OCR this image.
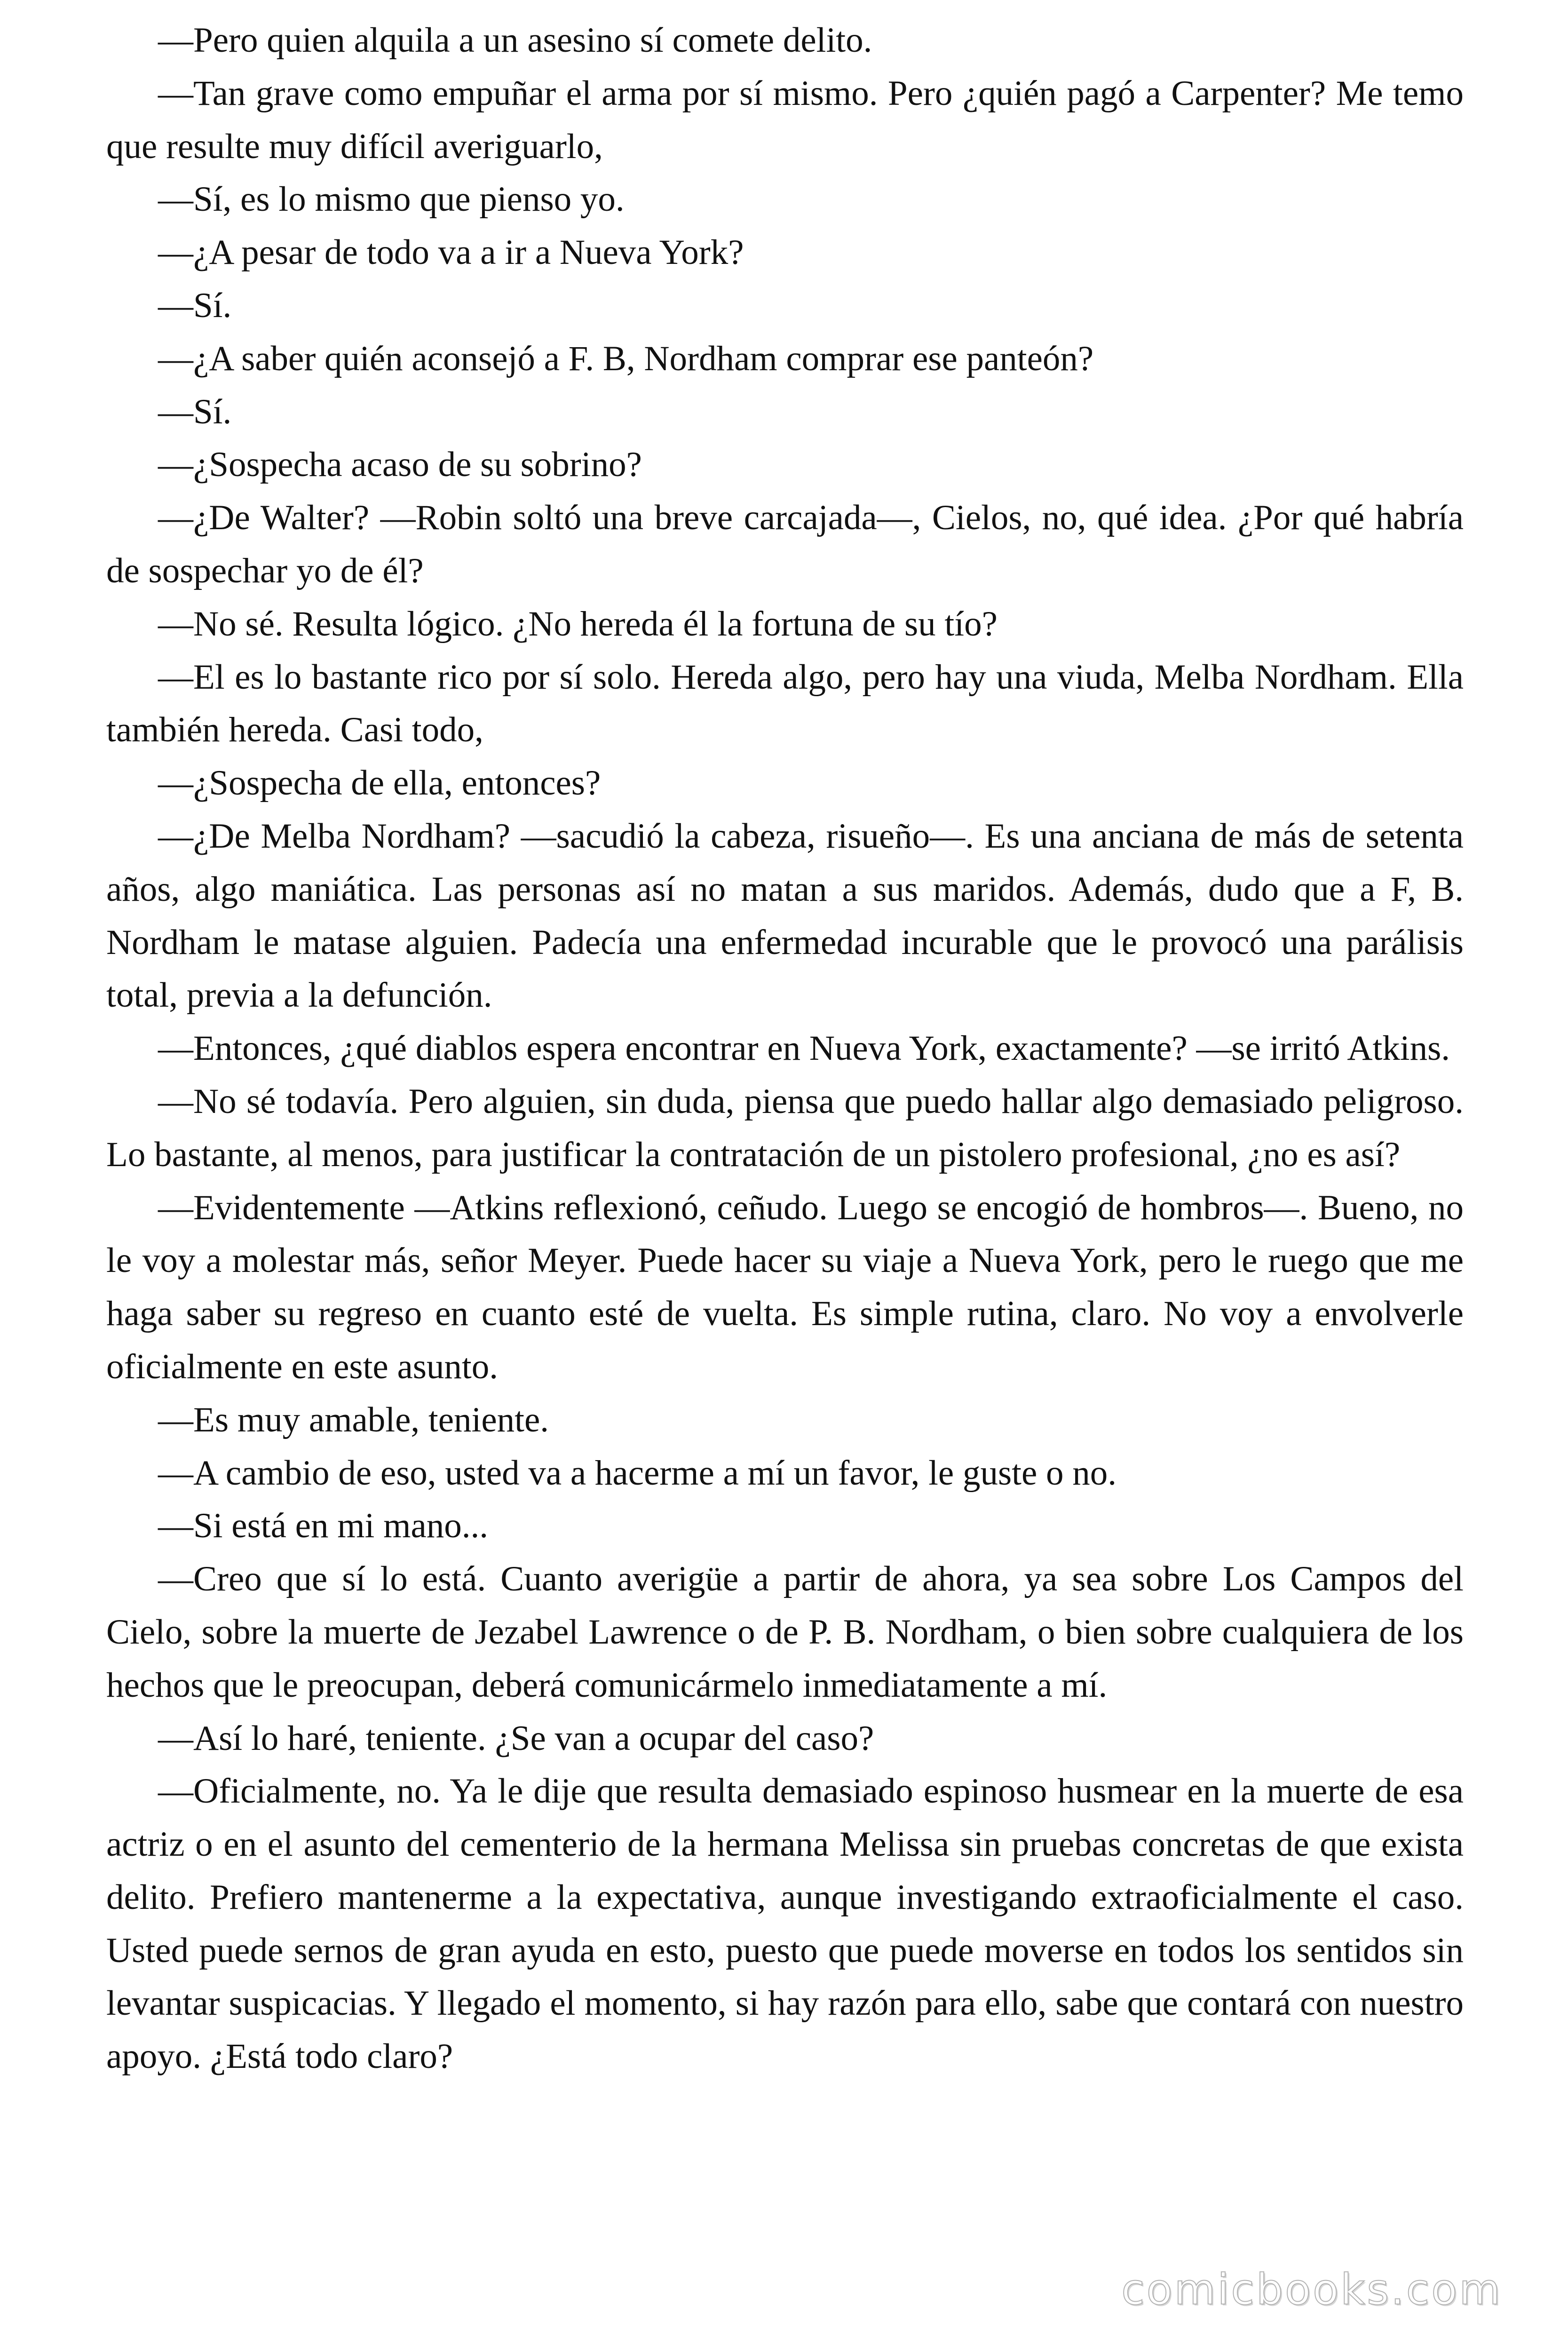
—Pero quien alquila a un asesino sí comete delito.

—Tan grave como empuñar el arma por sí mismo. Pero ¿quién pagó a Carpenter? Me temo que resulte muy difícil averiguarlo,

—Sí, es lo mismo que pienso yo.

—¿A pesar de todo va a ir a Nueva York?

—Sí.

—¿A saber quién aconsejó a F. B, Nordham comprar ese panteón?

—Sí.

—¿Sospecha acaso de su sobrino?

—¿De Walter? —Robin soltó una breve carcajada—, Cielos, no, qué idea. ¿Por qué habría de sospechar yo de él?

—No sé. Resulta lógico. ¿No hereda él la fortuna de su tío?

—El es lo bastante rico por sí solo. Hereda algo, pero hay una viuda, Melba Nordham. Ella también hereda. Casi todo,

—¿Sospecha de ella, entonces?

—¿De Melba Nordham? —sacudió la cabeza, risueño—. Es una anciana de más de setenta años, algo maniática. Las personas así no matan a sus maridos. Además, dudo que a F, B. Nordham le matase alguien. Padecía una enfermedad incurable que le provocó una parálisis total, previa a la defunción.

—Entonces, ¿qué diablos espera encontrar en Nueva York, exactamente? —se irritó Atkins.

—No sé todavía. Pero alguien, sin duda, piensa que puedo hallar algo demasiado peligroso. Lo bastante, al menos, para justificar la contratación de un pistolero profesional, ¿no es así?

—Evidentemente —Atkins reflexionó, ceñudo. Luego se encogió de hombros—. Bueno, no le voy a molestar más, señor Meyer. Puede hacer su viaje a Nueva York, pero le ruego que me haga saber su regreso en cuanto esté de vuelta. Es simple rutina, claro. No voy a envolverle oficialmente en este asunto.

—Es muy amable, teniente.

—A cambio de eso, usted va a hacerme a mí un favor, le guste o no.

—Si está en mi mano...

—Creo que sí lo está. Cuanto averigüe a partir de ahora, ya sea sobre Los Campos del Cielo, sobre la muerte de Jezabel Lawrence o de P. B. Nordham, o bien sobre cualquiera de los hechos que le preocupan, deberá comunicármelo inmediatamente a mí.

—Así lo haré, teniente. ¿Se van a ocupar del caso?

—Oficialmente, no. Ya le dije que resulta demasiado espinoso husmear en la muerte de esa actriz o en el asunto del cementerio de la hermana Melissa sin pruebas concretas de que exista delito. Prefiero mantenerme a la expectativa, aunque investigando extraoficialmente el caso. Usted puede sernos de gran ayuda en esto, puesto que puede moverse en todos los sentidos sin levantar suspicacias. Y llegado el momento, si hay razón para ello, sabe que contará con nuestro apoyo. ¿Está todo claro?

comicbooks.com
